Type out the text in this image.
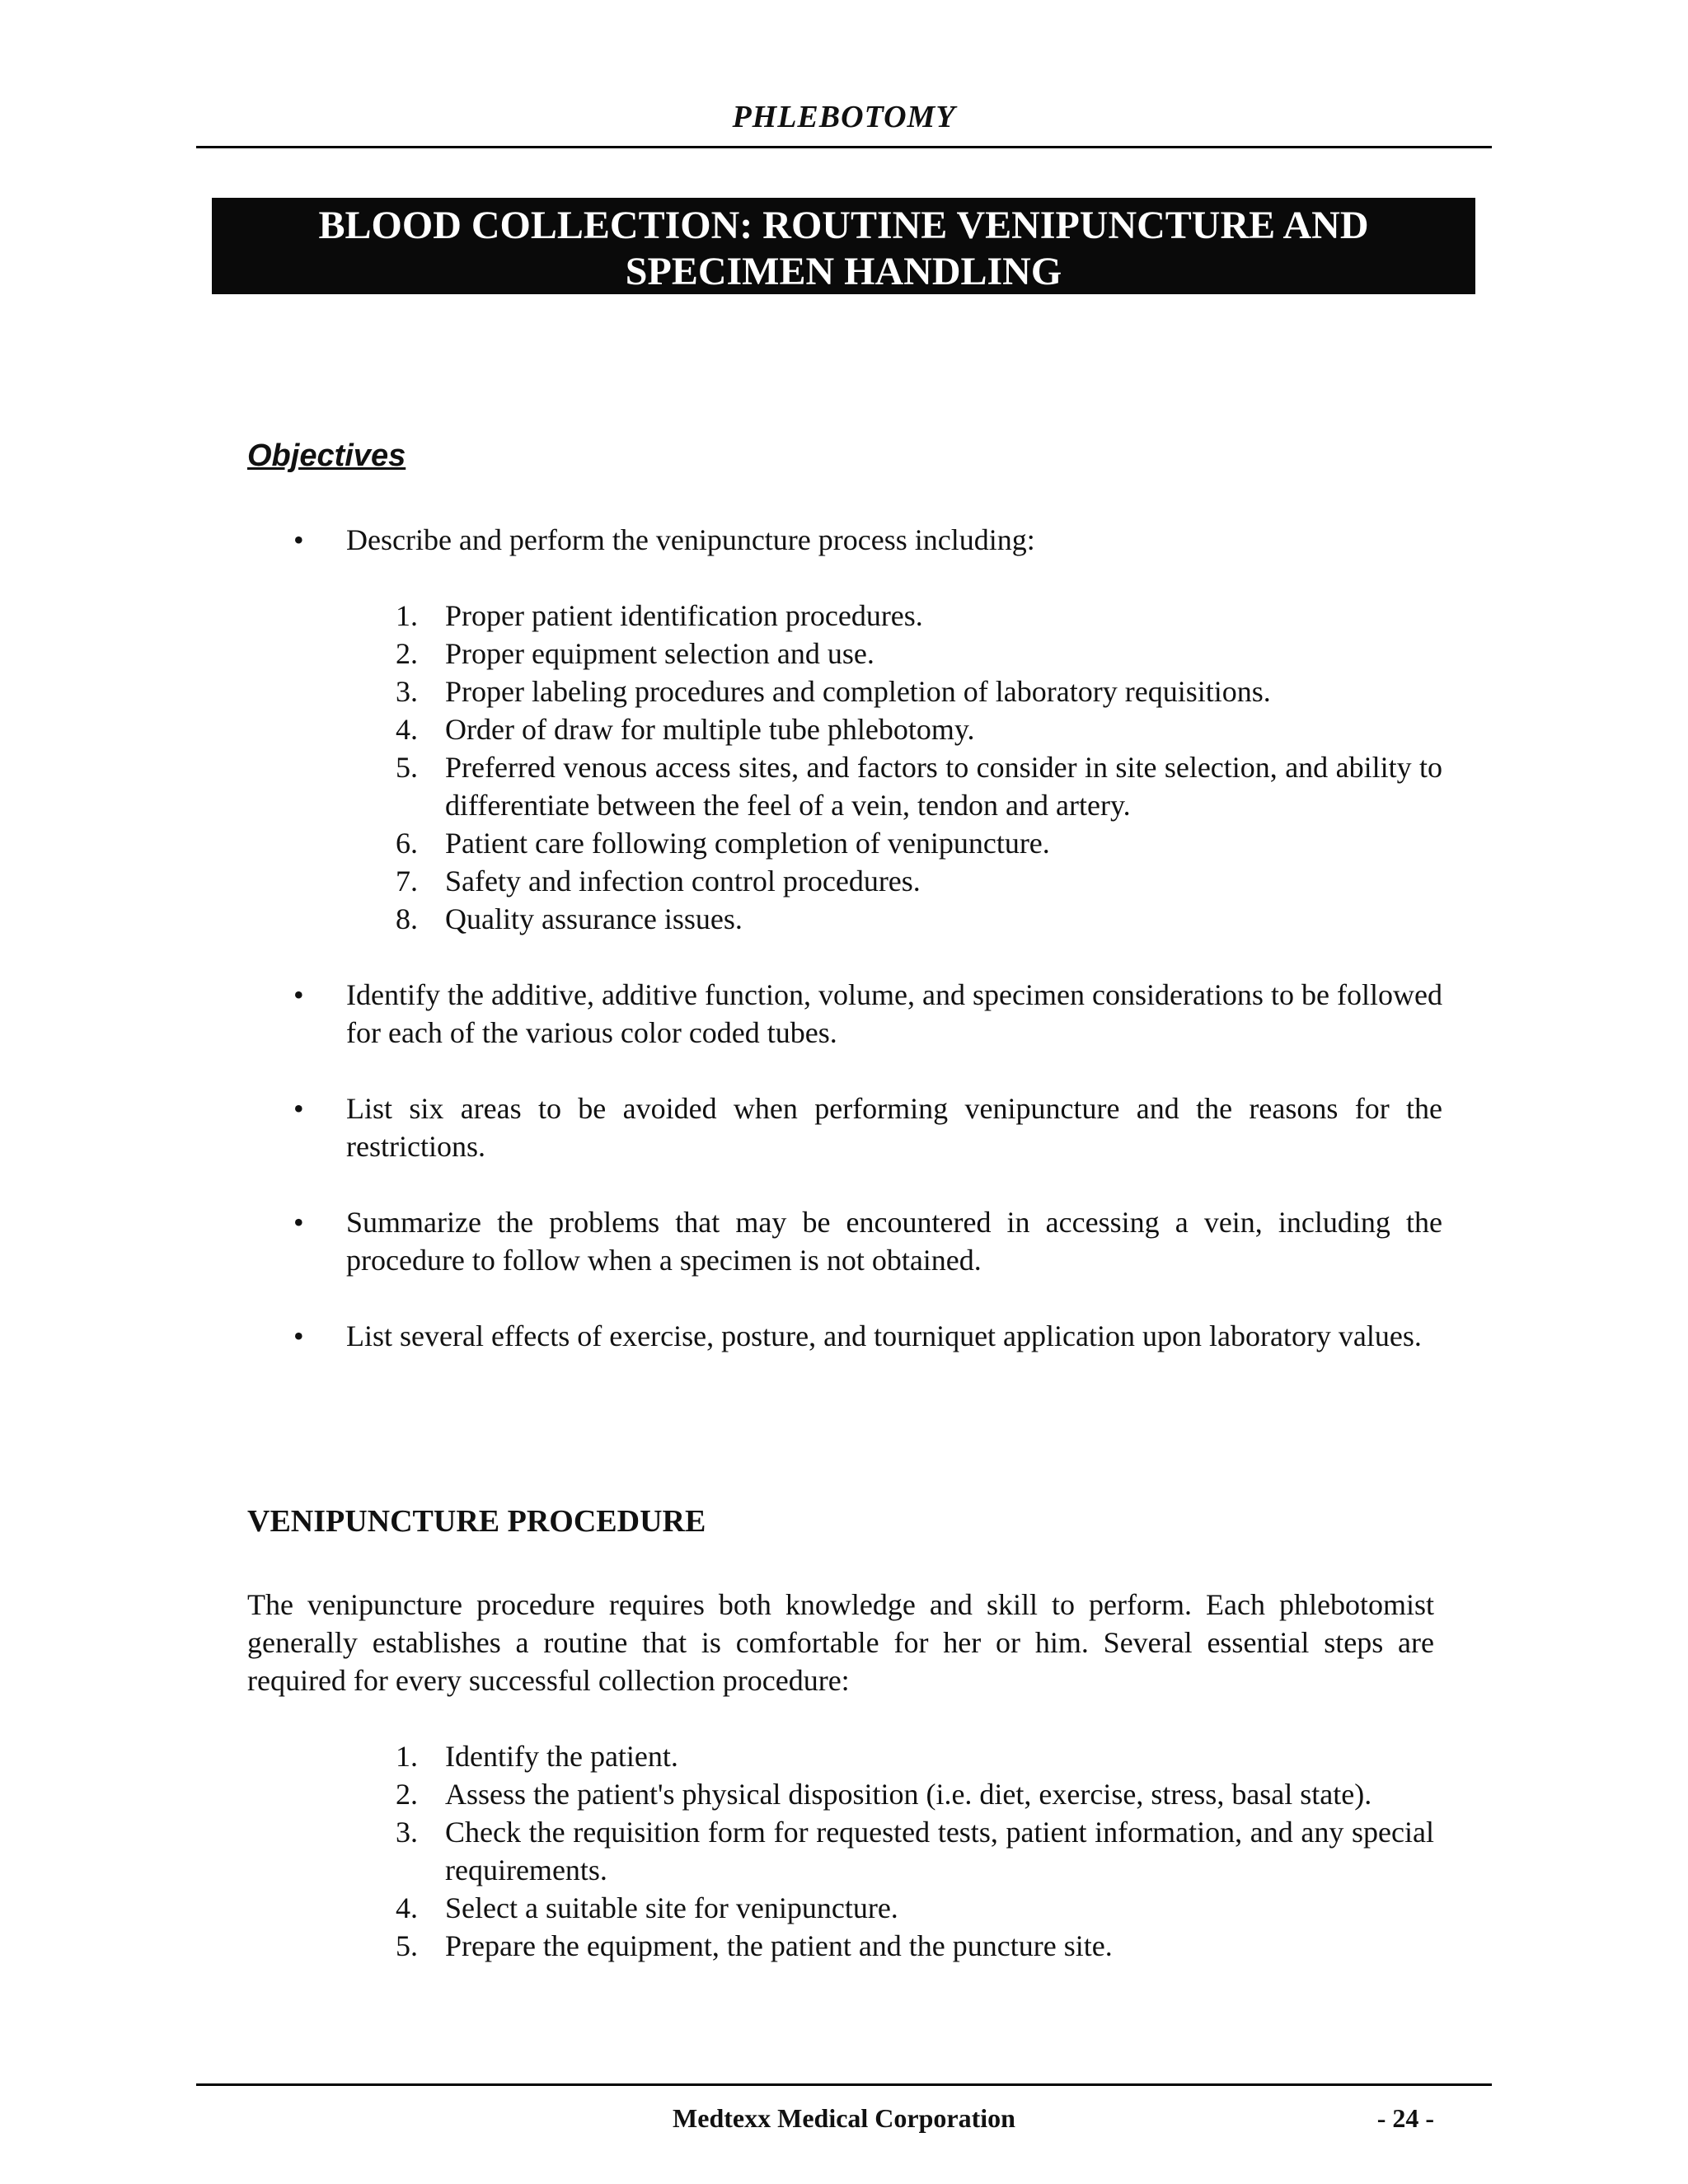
PHLEBOTOMY
BLOOD COLLECTION: ROUTINE VENIPUNCTURE AND
SPECIMEN HANDLING
Objectives
• Describe and perform the venipuncture process including:
1. Proper patient identification procedures.
2. Proper equipment selection and use.
3. Proper labeling procedures and completion of laboratory requisitions.
4. Order of draw for multiple tube phlebotomy.
5. Preferred venous access sites, and factors to consider in site selection, and ability to differentiate between the feel of a vein, tendon and artery.
6. Patient care following completion of venipuncture.
7. Safety and infection control procedures.
8. Quality assurance issues.
• Identify the additive, additive function, volume, and specimen considerations to be followed for each of the various color coded tubes.
• List six areas to be avoided when performing venipuncture and the reasons for the restrictions.
• Summarize the problems that may be encountered in accessing a vein, including the procedure to follow when a specimen is not obtained.
• List several effects of exercise, posture, and tourniquet application upon laboratory values.
VENIPUNCTURE PROCEDURE

The venipuncture procedure requires both knowledge and skill to perform. Each phlebotomist generally establishes a routine that is comfortable for her or him. Several essential steps are required for every successful collection procedure:

1. Identify the patient.
2. Assess the patient's physical disposition (i.e. diet, exercise, stress, basal state).
3. Check the requisition form for requested tests, patient information, and any special requirements.
4. Select a suitable site for venipuncture.
5. Prepare the equipment, the patient and the puncture site.
Medtexx Medical Corporation	- 24 -
